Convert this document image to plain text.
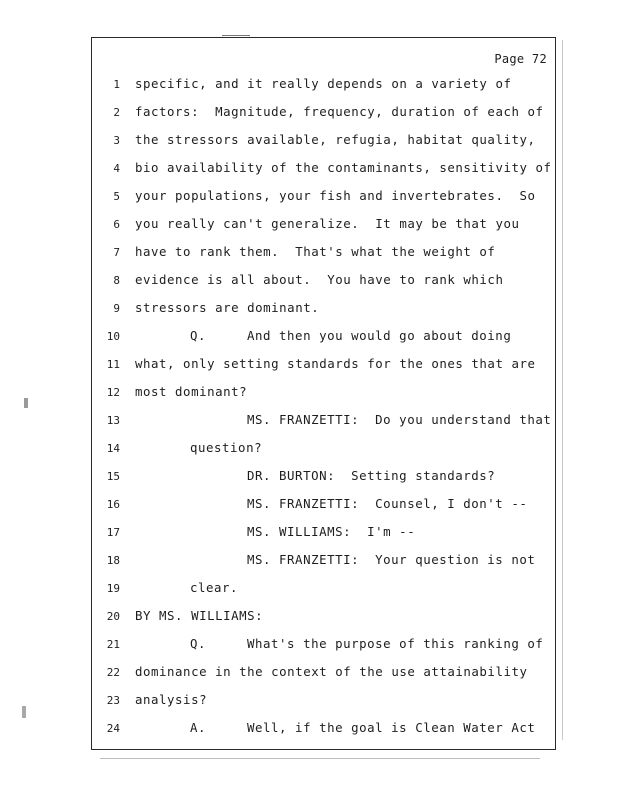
Page 72
1 specific, and it really depends on a variety of
2 factors:  Magnitude, frequency, duration of each of
3 the stressors available, refugia, habitat quality,
4 bio availability of the contaminants, sensitivity of
5 your populations, your fish and invertebrates.  So
6 you really can't generalize.  It may be that you
7 have to rank them.  That's what the weight of
8 evidence is all about.  You have to rank which
9 stressors are dominant.
10	Q.	And then you would go about doing
11 what, only setting standards for the ones that are
12 most dominant?
13	MS. FRANZETTI:  Do you understand that
14	question?
15	DR. BURTON:  Setting standards?
16	MS. FRANZETTI:  Counsel, I don't --
17	MS. WILLIAMS:  I'm --
18	MS. FRANZETTI:  Your question is not
19	clear.
20 BY MS. WILLIAMS:
21	Q.	What's the purpose of this ranking of
22 dominance in the context of the use attainability
23 analysis?
24	A.	Well, if the goal is Clean Water Act
